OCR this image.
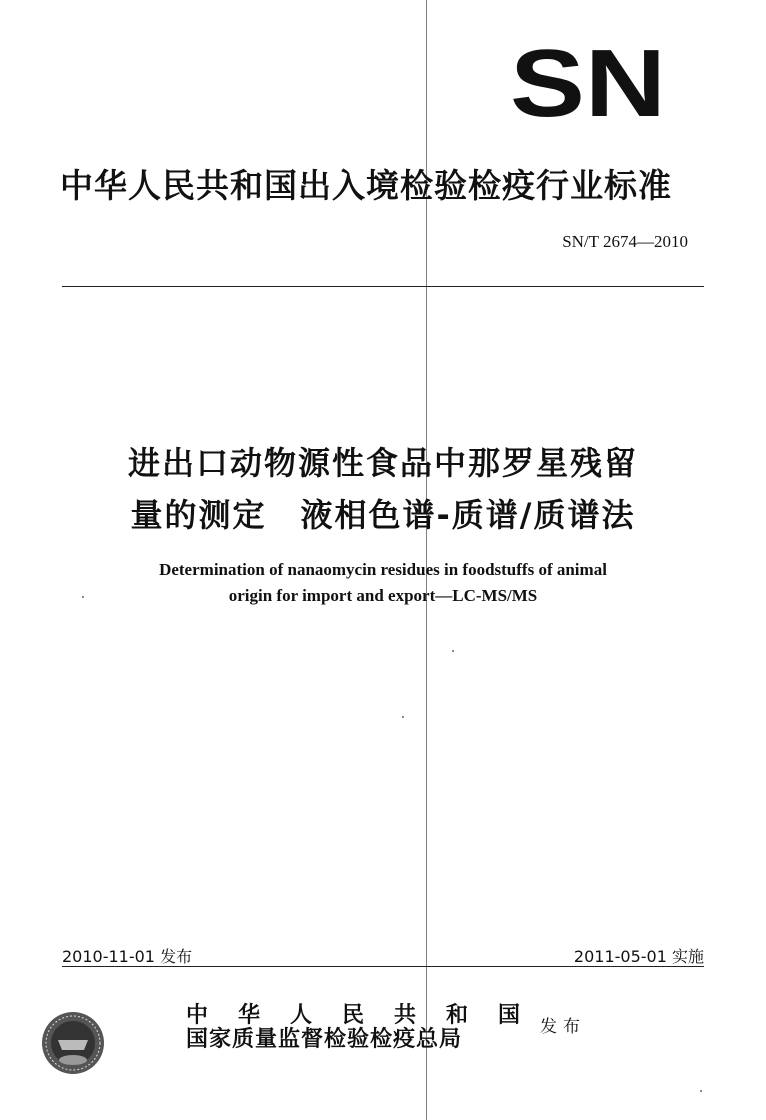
SN
中华人民共和国出入境检验检疫行业标准
SN/T 2674—2010
进出口动物源性食品中那罗星残留
量的测定 液相色谱-质谱/质谱法
Determination of nanaomycin residues in foodstuffs of animal
origin for import and export—LC-MS/MS
2010-11-01 发布	2011-05-01 实施
中华人民共和国
国家质量监督检验检疫总局	发布
